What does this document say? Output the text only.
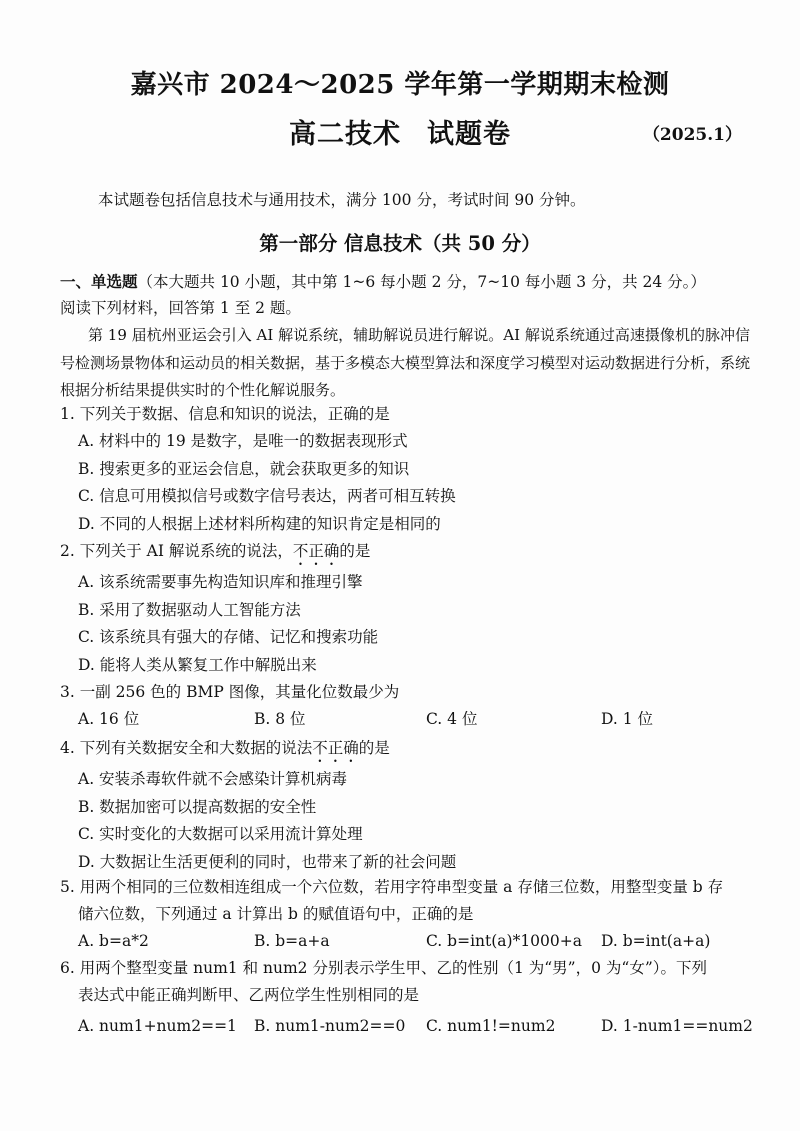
嘉兴市 2024～2025 学年第一学期期末检测
高二技术 试题卷	（2025.1）
本试题卷包括信息技术与通用技术，满分 100 分，考试时间 90 分钟。
第一部分 信息技术（共 50 分）
一、单选题（本大题共 10 小题，其中第 1~6 每小题 2 分，7~10 每小题 3 分，共 24 分。）
阅读下列材料，回答第 1 至 2 题。
第 19 届杭州亚运会引入 AI 解说系统，辅助解说员进行解说。AI 解说系统通过高速摄像机的脉冲信号检测场景物体和运动员的相关数据，基于多模态大模型算法和深度学习模型对运动数据进行分析，系统根据分析结果提供实时的个性化解说服务。
1. 下列关于数据、信息和知识的说法，正确的是
A. 材料中的 19 是数字，是唯一的数据表现形式
B. 搜索更多的亚运会信息，就会获取更多的知识
C. 信息可用模拟信号或数字信号表达，两者可相互转换
D. 不同的人根据上述材料所构建的知识肯定是相同的
2. 下列关于 AI 解说系统的说法，不正确的是
A. 该系统需要事先构造知识库和推理引擎
B. 采用了数据驱动人工智能方法
C. 该系统具有强大的存储、记忆和搜索功能
D. 能将人类从繁复工作中解脱出来
3. 一副 256 色的 BMP 图像，其量化位数最少为
A. 16 位	B. 8 位	C. 4 位	D. 1 位
4. 下列有关数据安全和大数据的说法不正确的是
A. 安装杀毒软件就不会感染计算机病毒
B. 数据加密可以提高数据的安全性
C. 实时变化的大数据可以采用流计算处理
D. 大数据让生活更便利的同时，也带来了新的社会问题
5. 用两个相同的三位数相连组成一个六位数，若用字符串型变量 a 存储三位数，用整型变量 b 存
储六位数，下列通过 a 计算出 b 的赋值语句中，正确的是
A. b=a*2	B. b=a+a	C. b=int(a)*1000+a D. b=int(a+a)
6. 用两个整型变量 num1 和 num2 分别表示学生甲、乙的性别（1 为“男”，0 为“女”）。下列
表达式中能正确判断甲、乙两位学生性别相同的是
A. num1+num2==1 B. num1-num2==0 C. num1!=num2	D. 1-num1==num2
